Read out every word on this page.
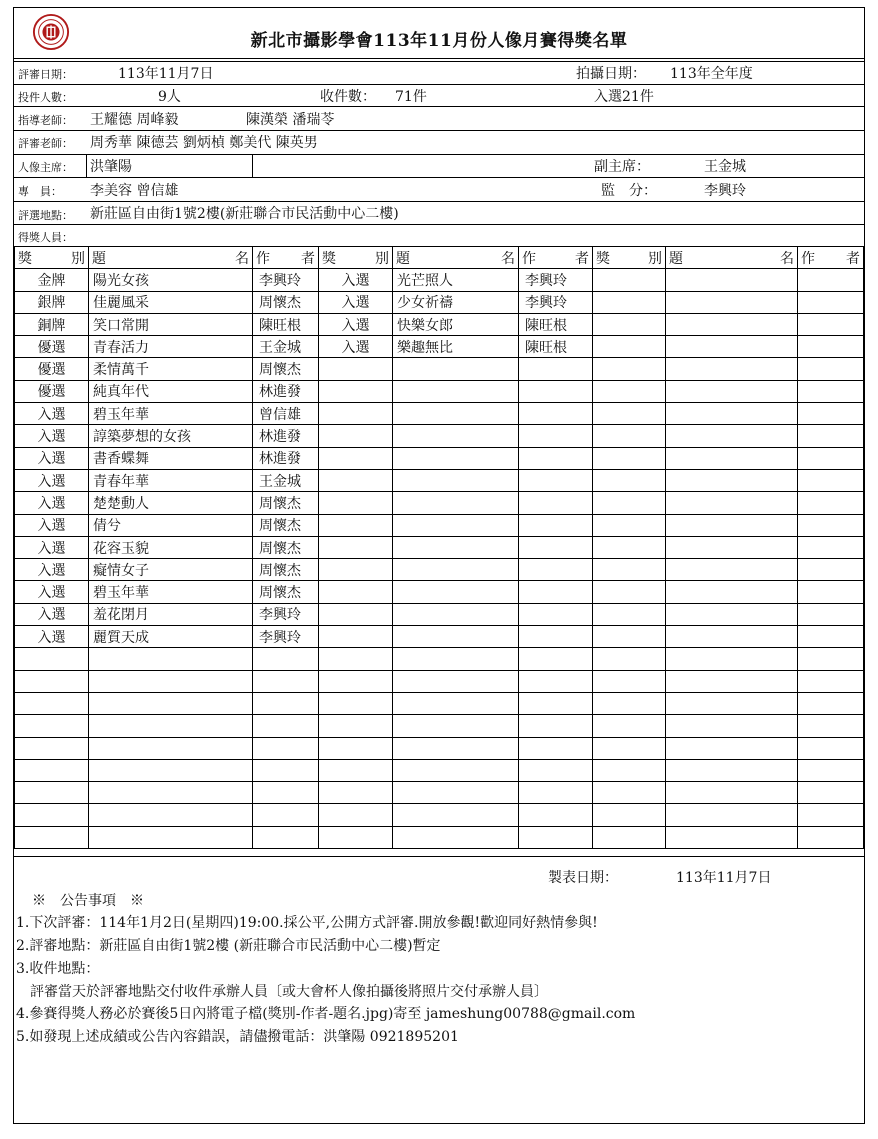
新北市攝影學會113年11月份人像月賽得獎名單
評審日期：	113年11月7日	拍攝日期： 113年全年度
投件人數：	9人	收件數： 71件	入選21件
指導老師： 王耀德 周峰毅	陳漢榮 潘瑞苓
評審老師： 周秀華 陳德芸 劉炳楨 鄭美代 陳英男
人像主席： 洪肇陽	副主席：	王金城
專　員： 李美容 曾信雄	監　分：	李興玲
評選地點： 新莊區自由街1號2樓(新莊聯合市民活動中心二樓)
得獎人員：
獎 別	題 名	作 者	獎 別	題 名	作 者	獎 別	題 名	作 者

金牌	陽光女孩	李興玲	入選	光芒照人	李興玲			
銀牌	佳麗風采	周懷杰	入選	少女祈禱	李興玲			
銅牌	笑口常開	陳旺根	入選	快樂女郎	陳旺根			
優選	青春活力	王金城	入選	樂趣無比	陳旺根			
優選	柔情萬千	周懷杰						
優選	純真年代	林進發						
入選	碧玉年華	曾信雄						
入選	諄築夢想的女孩	林進發						
入選	書香蝶舞	林進發						
入選	青春年華	王金城						
入選	楚楚動人	周懷杰						
入選	倩兮	周懷杰						
入選	花容玉貌	周懷杰						
入選	癡情女子	周懷杰						
入選	碧玉年華	周懷杰						
入選	羞花閉月	李興玲						
入選	麗質天成	李興玲						

製表日期：	113年11月7日
※　公告事項　※
1.下次評審：114年1月2日(星期四)19:00.採公平,公開方式評審.開放參觀!歡迎同好熱情參與!
2.評審地點：新莊區自由街1號2樓 (新莊聯合市民活動中心二樓)暫定
3.收件地點：
　評審當天於評審地點交付收件承辦人員〔或大會杯人像拍攝後將照片交付承辦人員〕
4.參賽得獎人務必於賽後5日內將電子檔(獎別-作者-題名.jpg)寄至 jameshung00788@gmail.com
5.如發現上述成績或公告內容錯誤，請儘撥電話：洪肇陽 0921895201
